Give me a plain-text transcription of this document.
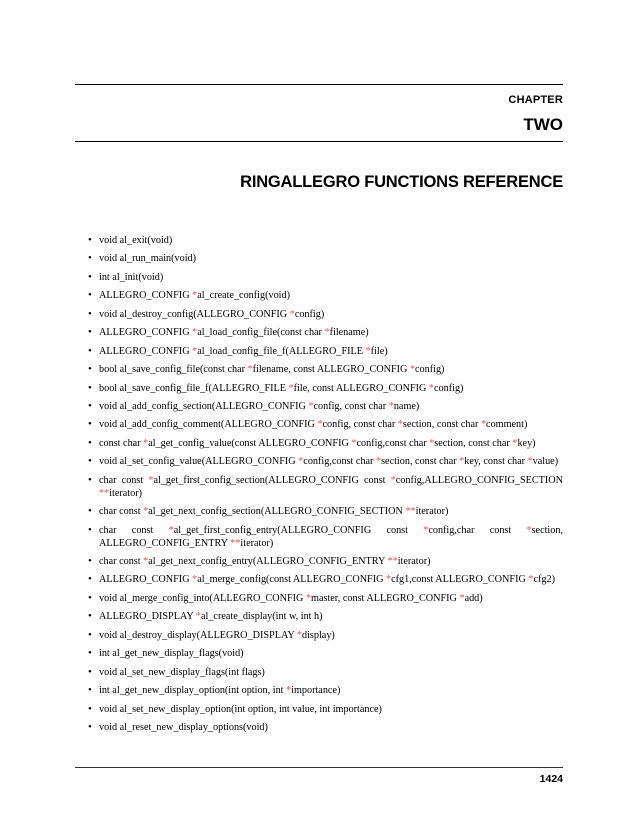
CHAPTER
TWO
RINGALLEGRO FUNCTIONS REFERENCE
• void al_exit(void)
• void al_run_main(void)
• int al_init(void)
• ALLEGRO_CONFIG *al_create_config(void)
• void al_destroy_config(ALLEGRO_CONFIG *config)
• ALLEGRO_CONFIG *al_load_config_file(const char *filename)
• ALLEGRO_CONFIG *al_load_config_file_f(ALLEGRO_FILE *file)
• bool al_save_config_file(const char *filename, const ALLEGRO_CONFIG *config)
• bool al_save_config_file_f(ALLEGRO_FILE *file, const ALLEGRO_CONFIG *config)
• void al_add_config_section(ALLEGRO_CONFIG *config, const char *name)
• void al_add_config_comment(ALLEGRO_CONFIG *config, const char *section, const char *comment)
• const char *al_get_config_value(const ALLEGRO_CONFIG *config,const char *section, const char *key)
• void al_set_config_value(ALLEGRO_CONFIG *config,const char *section, const char *key, const char *value)
• char const *al_get_first_config_section(ALLEGRO_CONFIG const *config,ALLEGRO_CONFIG_SECTION **iterator)
• char const *al_get_next_config_section(ALLEGRO_CONFIG_SECTION **iterator)
• char const *al_get_first_config_entry(ALLEGRO_CONFIG const *config,char const *section, ALLEGRO_CONFIG_ENTRY **iterator)
• char const *al_get_next_config_entry(ALLEGRO_CONFIG_ENTRY **iterator)
• ALLEGRO_CONFIG *al_merge_config(const ALLEGRO_CONFIG *cfg1,const ALLEGRO_CONFIG *cfg2)
• void al_merge_config_into(ALLEGRO_CONFIG *master, const ALLEGRO_CONFIG *add)
• ALLEGRO_DISPLAY *al_create_display(int w, int h)
• void al_destroy_display(ALLEGRO_DISPLAY *display)
• int al_get_new_display_flags(void)
• void al_set_new_display_flags(int flags)
• int al_get_new_display_option(int option, int *importance)
• void al_set_new_display_option(int option, int value, int importance)
• void al_reset_new_display_options(void)
1424
